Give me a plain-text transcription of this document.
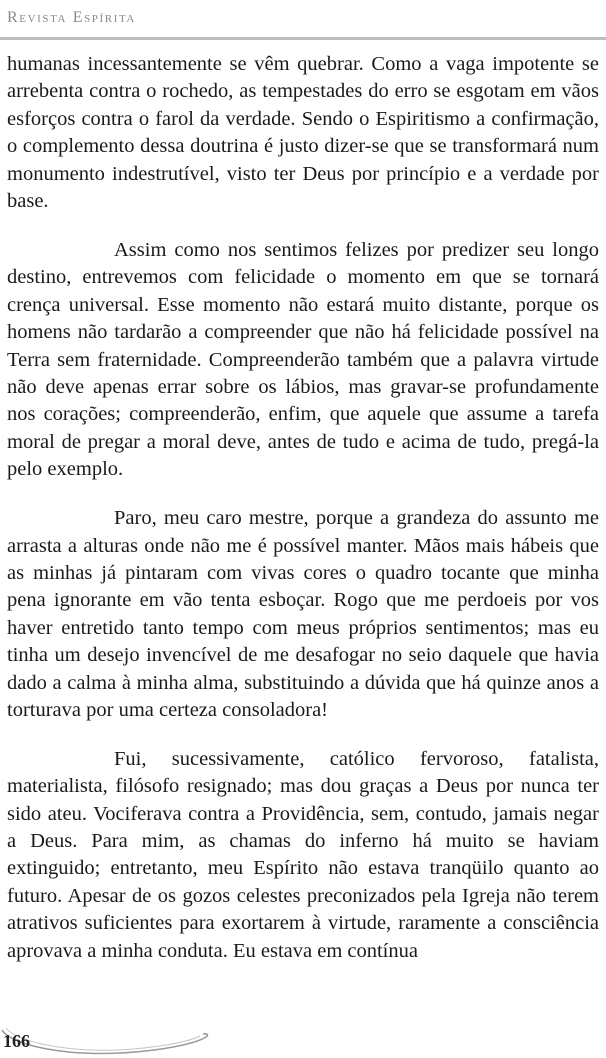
Revista Espírita

humanas incessantemente se vêm quebrar. Como a vaga impotente se arrebenta contra o rochedo, as tempestades do erro se esgotam em vãos esforços contra o farol da verdade. Sendo o Espiritismo a confirmação, o complemento dessa doutrina é justo dizer-se que se transformará num monumento indestrutível, visto ter Deus por princípio e a verdade por base.

Assim como nos sentimos felizes por predizer seu longo destino, entrevemos com felicidade o momento em que se tornará crença universal. Esse momento não estará muito distante, porque os homens não tardarão a compreender que não há felicidade possível na Terra sem fraternidade. Compreenderão também que a palavra virtude não deve apenas errar sobre os lábios, mas gravar-se profundamente nos corações; compreenderão, enfim, que aquele que assume a tarefa moral de pregar a moral deve, antes de tudo e acima de tudo, pregá-la pelo exemplo.

Paro, meu caro mestre, porque a grandeza do assunto me arrasta a alturas onde não me é possível manter. Mãos mais hábeis que as minhas já pintaram com vivas cores o quadro tocante que minha pena ignorante em vão tenta esboçar. Rogo que me perdoeis por vos haver entretido tanto tempo com meus próprios sentimentos; mas eu tinha um desejo invencível de me desafogar no seio daquele que havia dado a calma à minha alma, substituindo a dúvida que há quinze anos a torturava por uma certeza consoladora!

Fui, sucessivamente, católico fervoroso, fatalista, materialista, filósofo resignado; mas dou graças a Deus por nunca ter sido ateu. Vociferava contra a Providência, sem, contudo, jamais negar a Deus. Para mim, as chamas do inferno há muito se haviam extinguido; entretanto, meu Espírito não estava tranqüilo quanto ao futuro. Apesar de os gozos celestes preconizados pela Igreja não terem atrativos suficientes para exortarem à virtude, raramente a consciência aprovava a minha conduta. Eu estava em contínua

166
